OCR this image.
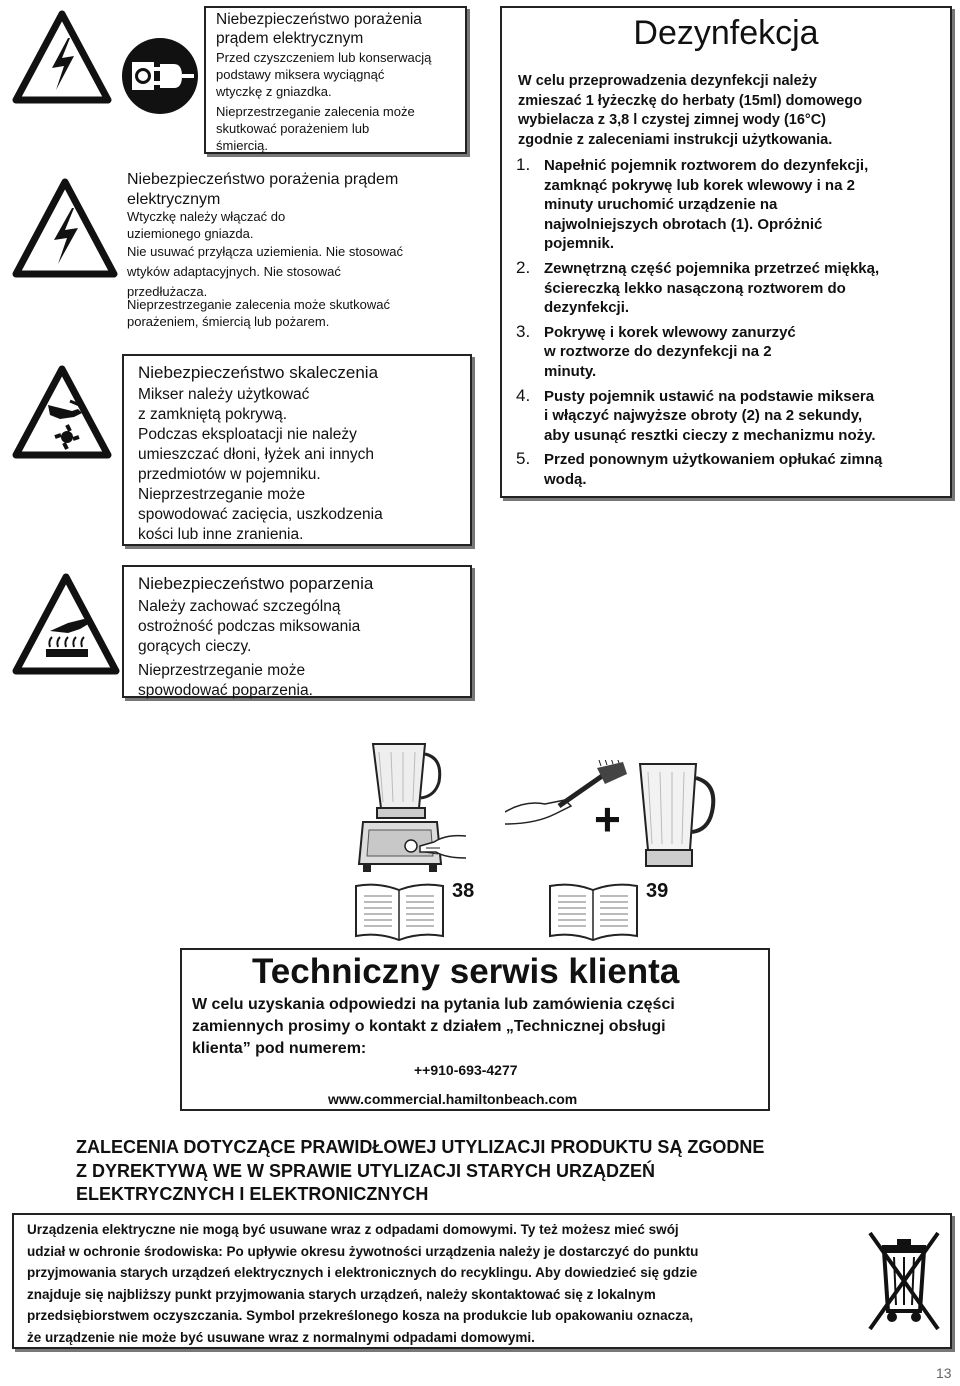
Niebezpieczeństwo porażenia
prądem elektrycznym
Przed czyszczeniem lub konserwacją
podstawy miksera wyciągnąć
wtyczkę z gniazdka.
Nieprzestrzeganie zalecenia może
skutkować porażeniem lub
śmiercią.
Niebezpieczeństwo porażenia prądem
elektrycznym
Wtyczkę należy włączać do
uziemionego gniazda.
Nie usuwać przyłącza uziemienia. Nie stosować
wtyków adaptacyjnych. Nie stosować
przedłużacza.
Nieprzestrzeganie zalecenia może skutkować
porażeniem, śmiercią lub pożarem.
Niebezpieczeństwo skaleczenia
Mikser należy użytkować
z zamkniętą pokrywą.
Podczas eksploatacji nie należy
umieszczać dłoni, łyżek ani innych
przedmiotów w pojemniku.
Nieprzestrzeganie może
spowodować zacięcia, uszkodzenia
kości lub inne zranienia.
Niebezpieczeństwo poparzenia
Należy zachować szczególną
ostrożność podczas miksowania
gorących cieczy.
Nieprzestrzeganie może
spowodować poparzenia.
Dezynfekcja
W celu przeprowadzenia dezynfekcji należy
zmieszać 1 łyżeczkę do herbaty (15ml) domowego
wybielacza z 3,8 l czystej zimnej wody (16°C)
zgodnie z zaleceniami instrukcji użytkowania.
1. Napełnić pojemnik roztworem do dezynfekcji,
zamknąć pokrywę lub korek wlewowy i na 2
minuty uruchomić urządzenie na
najwolniejszych obrotach (1). Opróżnić
pojemnik.
2. Zewnętrzną część pojemnika przetrzeć miękką,
ściereczką lekko nasączoną roztworem do
dezynfekcji.
3. Pokrywę i korek wlewowy zanurzyć
w roztworze do dezynfekcji na 2
minuty.
4. Pusty pojemnik ustawić na podstawie miksera
i włączyć najwyższe obroty (2) na 2 sekundy,
aby usunąć resztki cieczy z mechanizmu noży.
5. Przed ponownym użytkowaniem opłukać zimną
wodą.
+
38	39
Techniczny serwis klienta
W celu uzyskania odpowiedzi na pytania lub zamówienia części
zamiennych prosimy o kontakt z działem „Technicznej obsługi
klienta” pod numerem:
++910-693-4277
www.commercial.hamiltonbeach.com
ZALECENIA DOTYCZĄCE PRAWIDŁOWEJ UTYLIZACJI PRODUKTU SĄ ZGODNE
Z DYREKTYWĄ WE W SPRAWIE UTYLIZACJI STARYCH URZĄDZEŃ
ELEKTRYCZNYCH I ELEKTRONICZNYCH
Urządzenia elektryczne nie mogą być usuwane wraz z odpadami domowymi. Ty też możesz mieć swój
udział w ochronie środowiska: Po upływie okresu żywotności urządzenia należy je dostarczyć do punktu
przyjmowania starych urządzeń elektrycznych i elektronicznych do recyklingu. Aby dowiedzieć się gdzie
znajduje się najbliższy punkt przyjmowania starych urządzeń, należy skontaktować się z lokalnym
przedsiębiorstwem oczyszczania. Symbol przekreślonego kosza na produkcie lub opakowaniu oznacza,
że urządzenie nie może być usuwane wraz z normalnymi odpadami domowymi.
13
